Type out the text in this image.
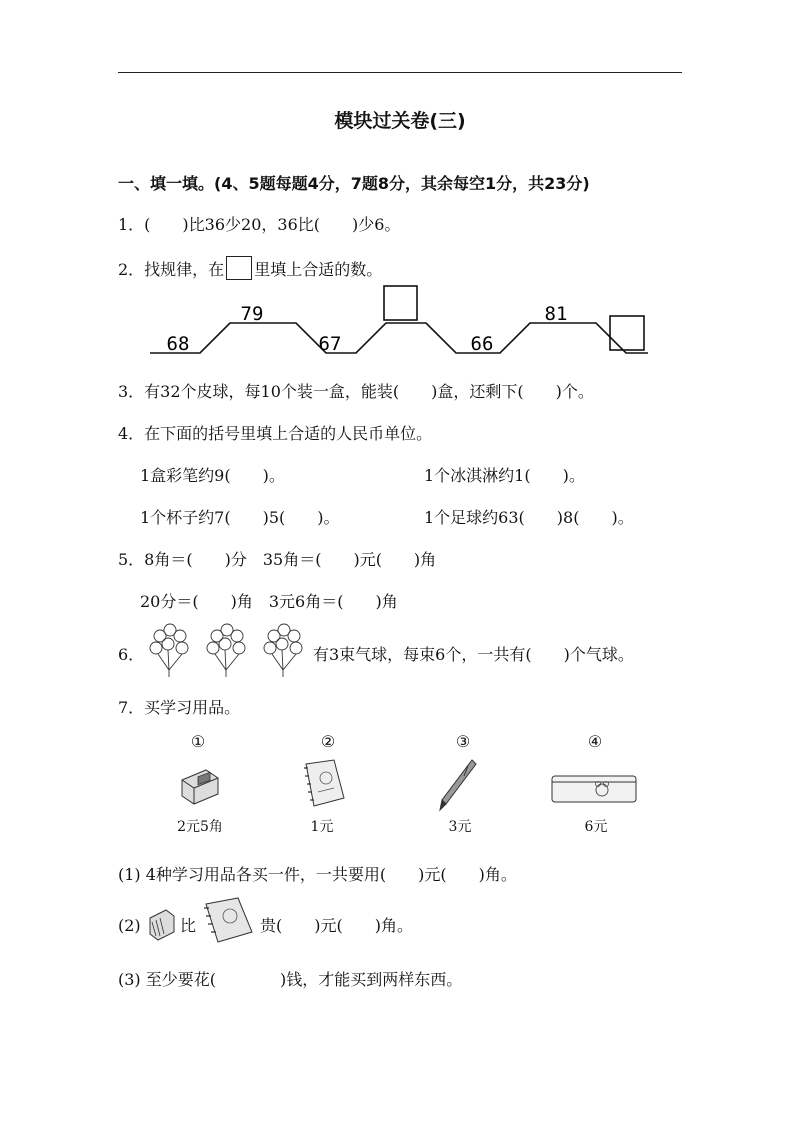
模块过关卷(三)
一、填一填。(4、5题每题4分，7题8分，其余每空1分，共23分)
1．(　　)比36少20，36比(　　)少6。
2．找规律，在 里填上合适的数。
68
79
67	66
81
3．有32个皮球，每10个装一盒，能装(　　)盒，还剩下(　　)个。
4．在下面的括号里填上合适的人民币单位。
1盒彩笔约9(　　)。	1个冰淇淋约1(　　)。
1个杯子约7(　　)5(　　)。	1个足球约63(　　)8(　　)。
5．8角＝(　　)分　35角＝(　　)元(　　)角
20分＝(　　)角　3元6角＝(　　)角
6．	有3束气球，每束6个，一共有(　　)个气球。
7．买学习用品。
①	②	③	④
2元5角	1元	3元	6元
(1) 4种学习用品各买一件，一共要用(　　)元(　　)角。
(2) 比	贵(　　)元(　　)角。
(3) 至少要花(　　　　)钱，才能买到两样东西。
